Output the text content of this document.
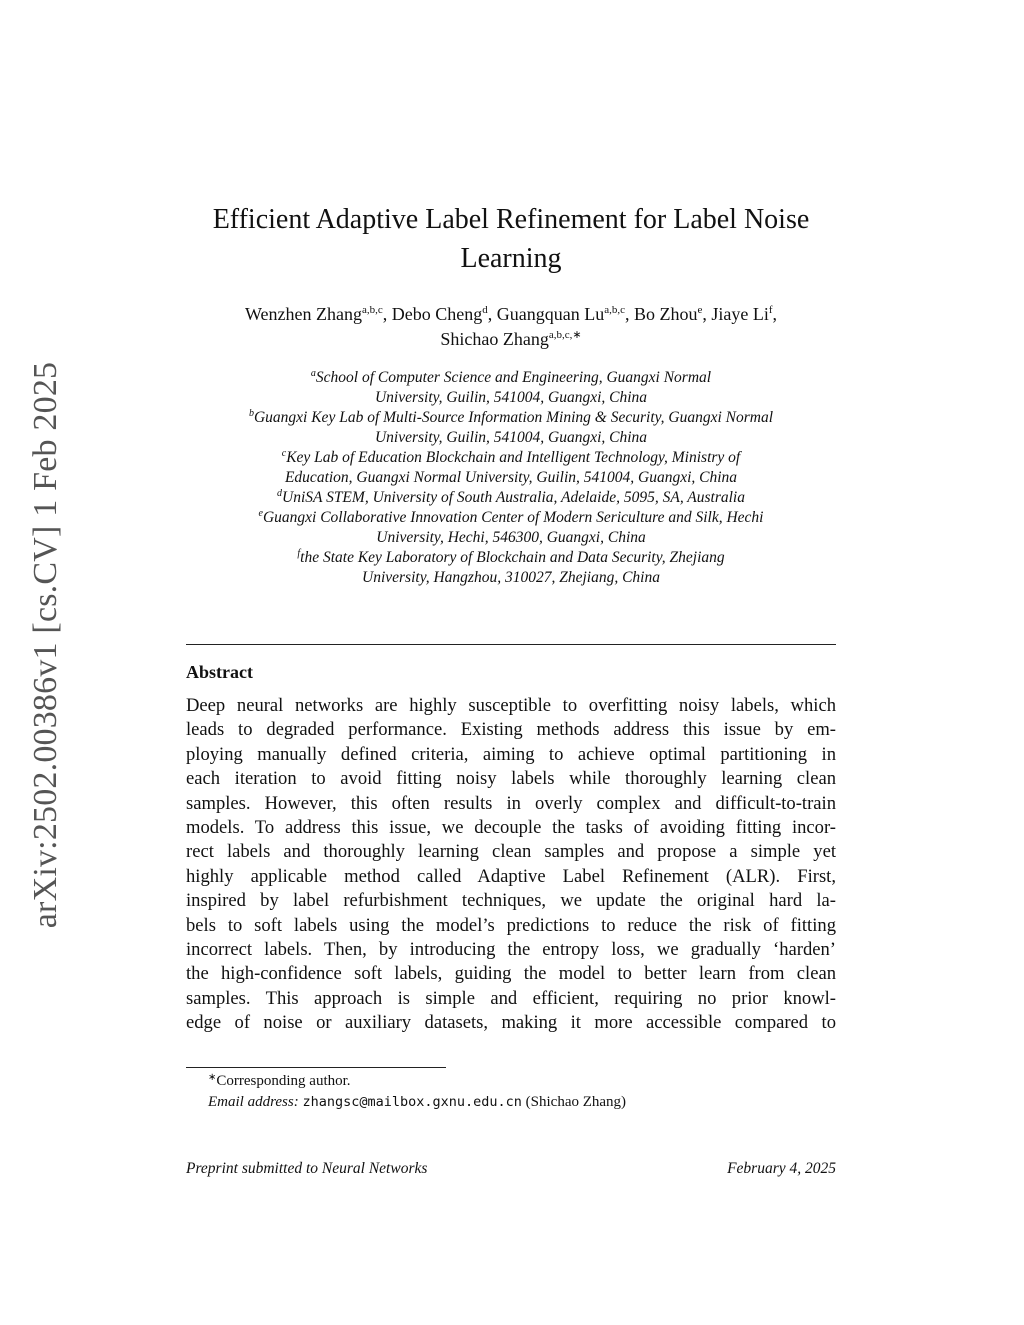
arXiv:2502.00386v1 [cs.CV] 1 Feb 2025
Efficient Adaptive Label Refinement for Label Noise
Learning
Wenzhen Zhang$^{a,b,c}$, Debo Cheng$^d$, Guangquan Lu$^{a,b,c}$, Bo Zhou$^e$, Jiaye Li$^f$,
Shichao Zhang$^{a,b,c,∗}$
$^a$School of Computer Science and Engineering, Guangxi Normal
University, Guilin, 541004, Guangxi, China
$^b$Guangxi Key Lab of Multi-Source Information Mining & Security, Guangxi Normal
University, Guilin, 541004, Guangxi, China
$^c$Key Lab of Education Blockchain and Intelligent Technology, Ministry of
Education, Guangxi Normal University, Guilin, 541004, Guangxi, China
$^d$UniSA STEM, University of South Australia, Adelaide, 5095, SA, Australia
$^e$Guangxi Collaborative Innovation Center of Modern Sericulture and Silk, Hechi
University, Hechi, 546300, Guangxi, China
$^f$the State Key Laboratory of Blockchain and Data Security, Zhejiang
University, Hangzhou, 310027, Zhejiang, China
Abstract
Deep neural networks are highly susceptible to overfitting noisy labels, which
leads to degraded performance. Existing methods address this issue by em-
ploying manually defined criteria, aiming to achieve optimal partitioning in
each iteration to avoid fitting noisy labels while thoroughly learning clean
samples. However, this often results in overly complex and difficult-to-train
models. To address this issue, we decouple the tasks of avoiding fitting incor-
rect labels and thoroughly learning clean samples and propose a simple yet
highly applicable method called Adaptive Label Refinement (ALR). First,
inspired by label refurbishment techniques, we update the original hard la-
bels to soft labels using the model’s predictions to reduce the risk of fitting
incorrect labels. Then, by introducing the entropy loss, we gradually ‘harden’
the high-confidence soft labels, guiding the model to better learn from clean
samples. This approach is simple and efficient, requiring no prior knowl-
edge of noise or auxiliary datasets, making it more accessible compared to
∗Corresponding author.
Email address: zhangsc@mailbox.gxnu.edu.cn (Shichao Zhang)
Preprint submitted to Neural Networks	February 4, 2025
